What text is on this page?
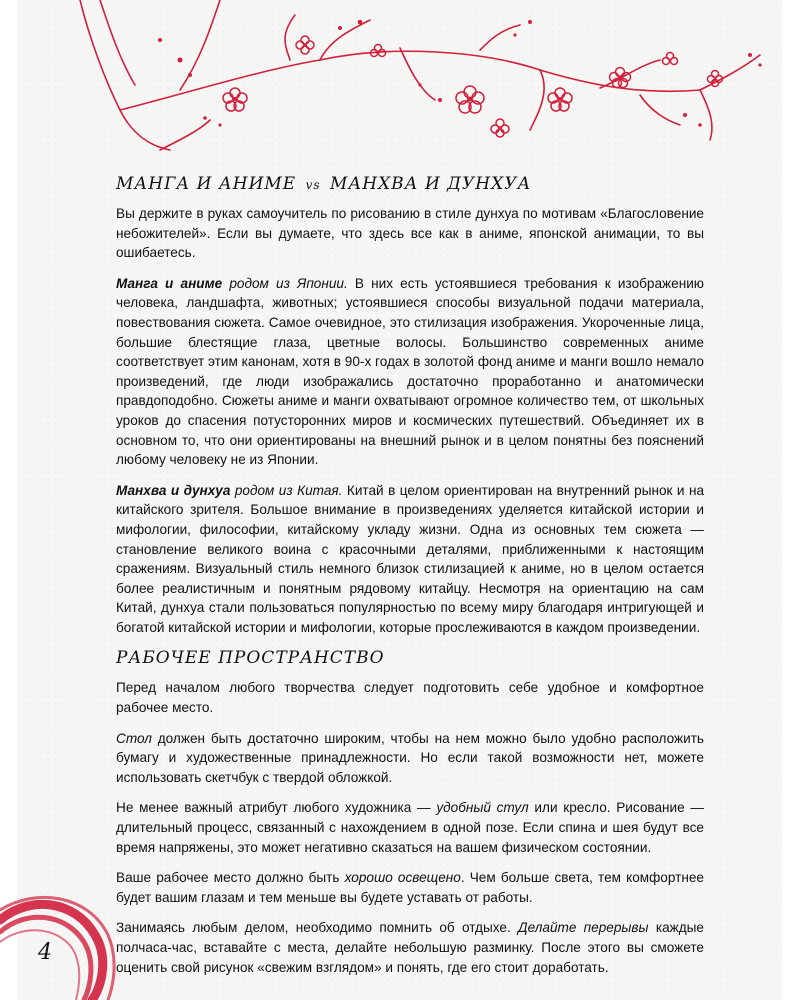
МАНГА И АНИМЕ vs МАНХВА И ДУНХУА

Вы держите в руках самоучитель по рисованию в стиле дунхуа по мотивам «Благословение небожителей». Если вы думаете, что здесь все как в аниме, японской анимации, то вы ошибаетесь.

Манга и аниме родом из Японии. В них есть устоявшиеся требования к изображению человека, ландшафта, животных; устоявшиеся способы визуальной подачи материала, повествования сюжета. Самое очевидное, это стилизация изображения. Укороченные лица, большие блестящие глаза, цветные волосы. Большинство современных аниме соответствует этим канонам, хотя в 90-х годах в золотой фонд аниме и манги вошло немало произведений, где люди изображались достаточно проработанно и анатомически правдоподобно. Сюжеты аниме и манги охватывают огромное количество тем, от школьных уроков до спасения потусторонних миров и космических путешествий. Объединяет их в основном то, что они ориентированы на внешний рынок и в целом понятны без пояснений любому человеку не из Японии.

Манхва и дунхуа родом из Китая. Китай в целом ориентирован на внутренний рынок и на китайского зрителя. Большое внимание в произведениях уделяется китайской истории и мифологии, философии, китайскому укладу жизни. Одна из основных тем сюжета — становление великого воина с красочными деталями, приближенными к настоящим сражениям. Визуальный стиль немного близок стилизацией к аниме, но в целом остается более реалистичным и понятным рядовому китайцу. Несмотря на ориентацию на сам Китай, дунхуа стали пользоваться популярностью по всему миру благодаря интригующей и богатой китайской истории и мифологии, которые прослеживаются в каждом произведении.

РАБОЧЕЕ ПРОСТРАНСТВО

Перед началом любого творчества следует подготовить себе удобное и комфортное рабочее место.

Стол должен быть достаточно широким, чтобы на нем можно было удобно расположить бумагу и художественные принадлежности. Но если такой возможности нет, можете использовать скетчбук с твердой обложкой.

Не менее важный атрибут любого художника — удобный стул или кресло. Рисование — длительный процесс, связанный с нахождением в одной позе. Если спина и шея будут все время напряжены, это может негативно сказаться на вашем физическом состоянии.

Ваше рабочее место должно быть хорошо освещено. Чем больше света, тем комфортнее будет вашим глазам и тем меньше вы будете уставать от работы.

Занимаясь любым делом, необходимо помнить об отдыхе. Делайте перерывы каждые полчаса-час, вставайте с места, делайте небольшую разминку. После этого вы сможете оценить свой рисунок «свежим взглядом» и понять, где его стоит доработать.

4
